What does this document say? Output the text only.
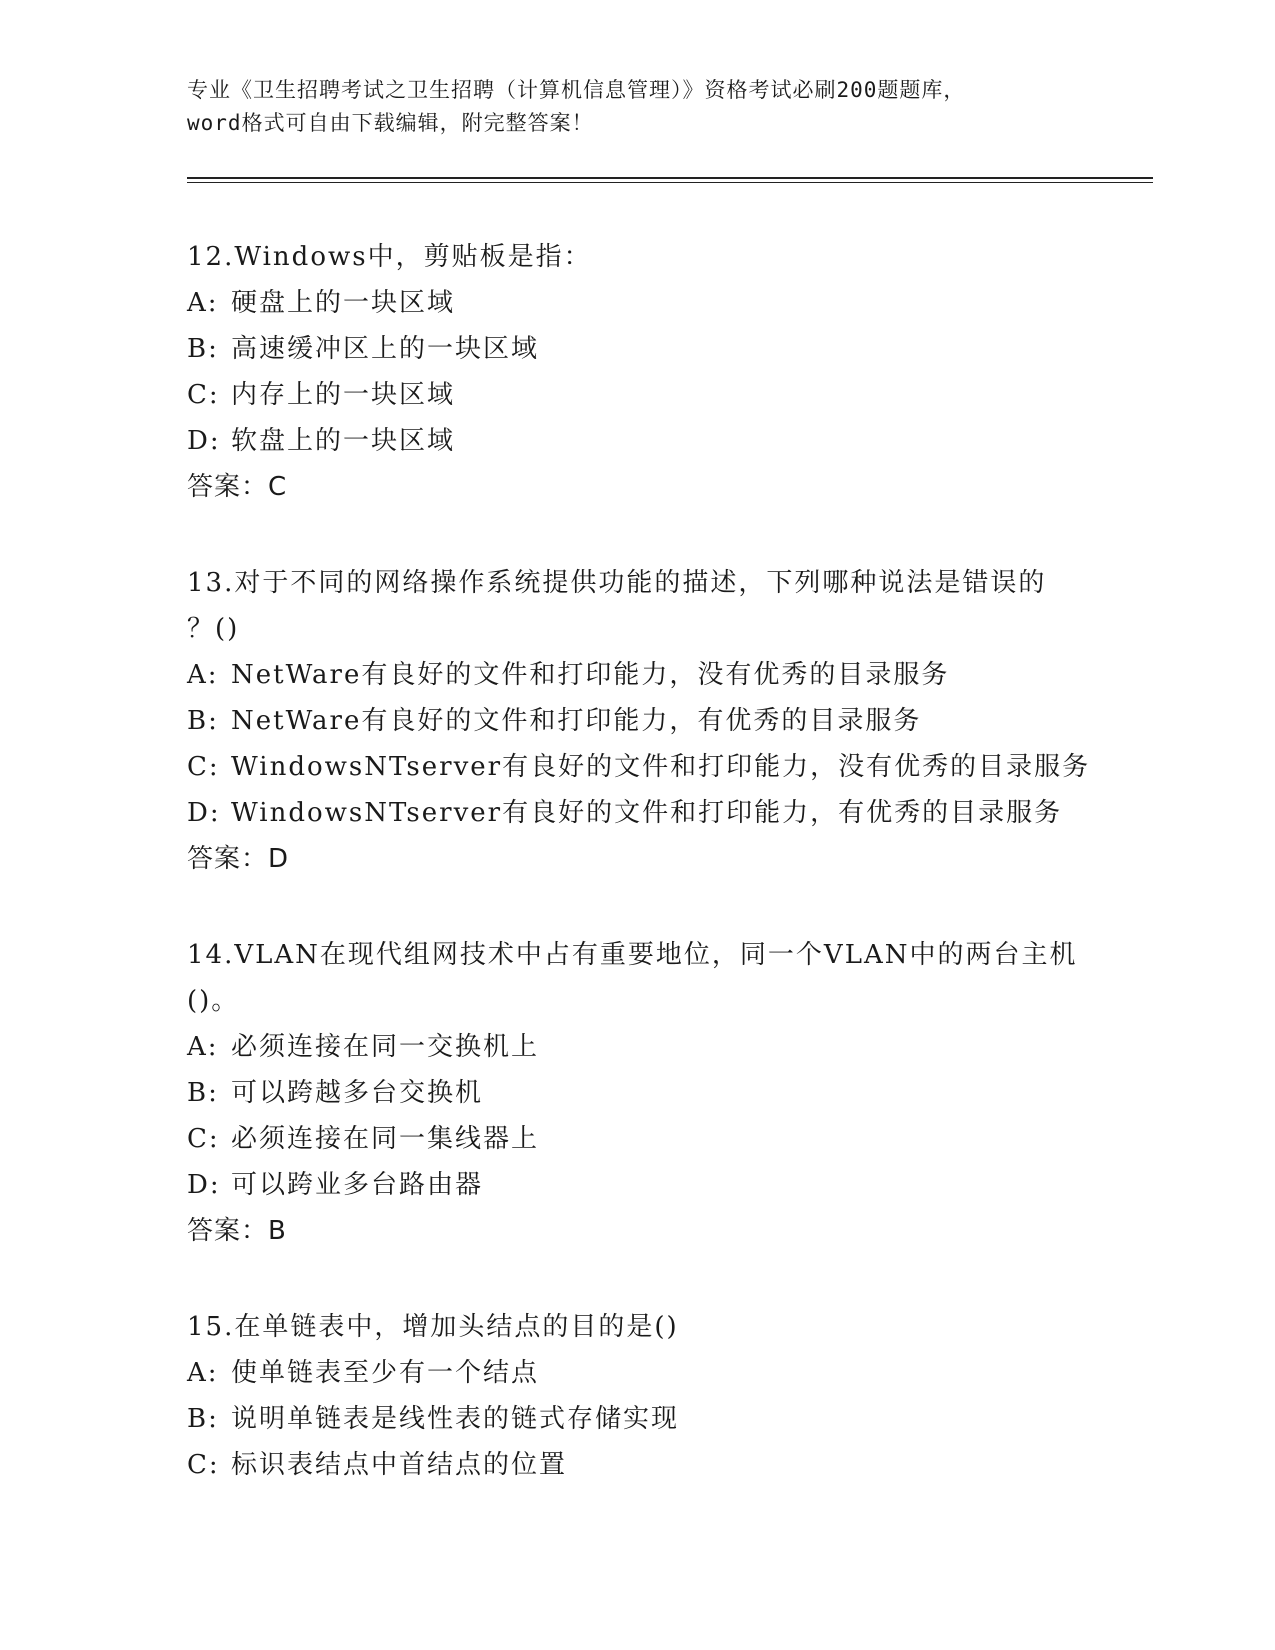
专业《卫生招聘考试之卫生招聘（计算机信息管理）》资格考试必刷200题题库，
word格式可自由下载编辑，附完整答案！
12.Windows中，剪贴板是指：
A: 硬盘上的一块区域
B: 高速缓冲区上的一块区域
C: 内存上的一块区域
D: 软盘上的一块区域
答案：C
13.对于不同的网络操作系统提供功能的描述，下列哪种说法是错误的
？()
A: NetWare有良好的文件和打印能力，没有优秀的目录服务
B: NetWare有良好的文件和打印能力，有优秀的目录服务
C: WindowsNTserver有良好的文件和打印能力，没有优秀的目录服务
D: WindowsNTserver有良好的文件和打印能力，有优秀的目录服务
答案：D
14.VLAN在现代组网技术中占有重要地位，同一个VLAN中的两台主机
()。
A: 必须连接在同一交换机上
B: 可以跨越多台交换机
C: 必须连接在同一集线器上
D: 可以跨业多台路由器
答案：B
15.在单链表中，增加头结点的目的是()
A: 使单链表至少有一个结点
B: 说明单链表是线性表的链式存储实现
C: 标识表结点中首结点的位置
